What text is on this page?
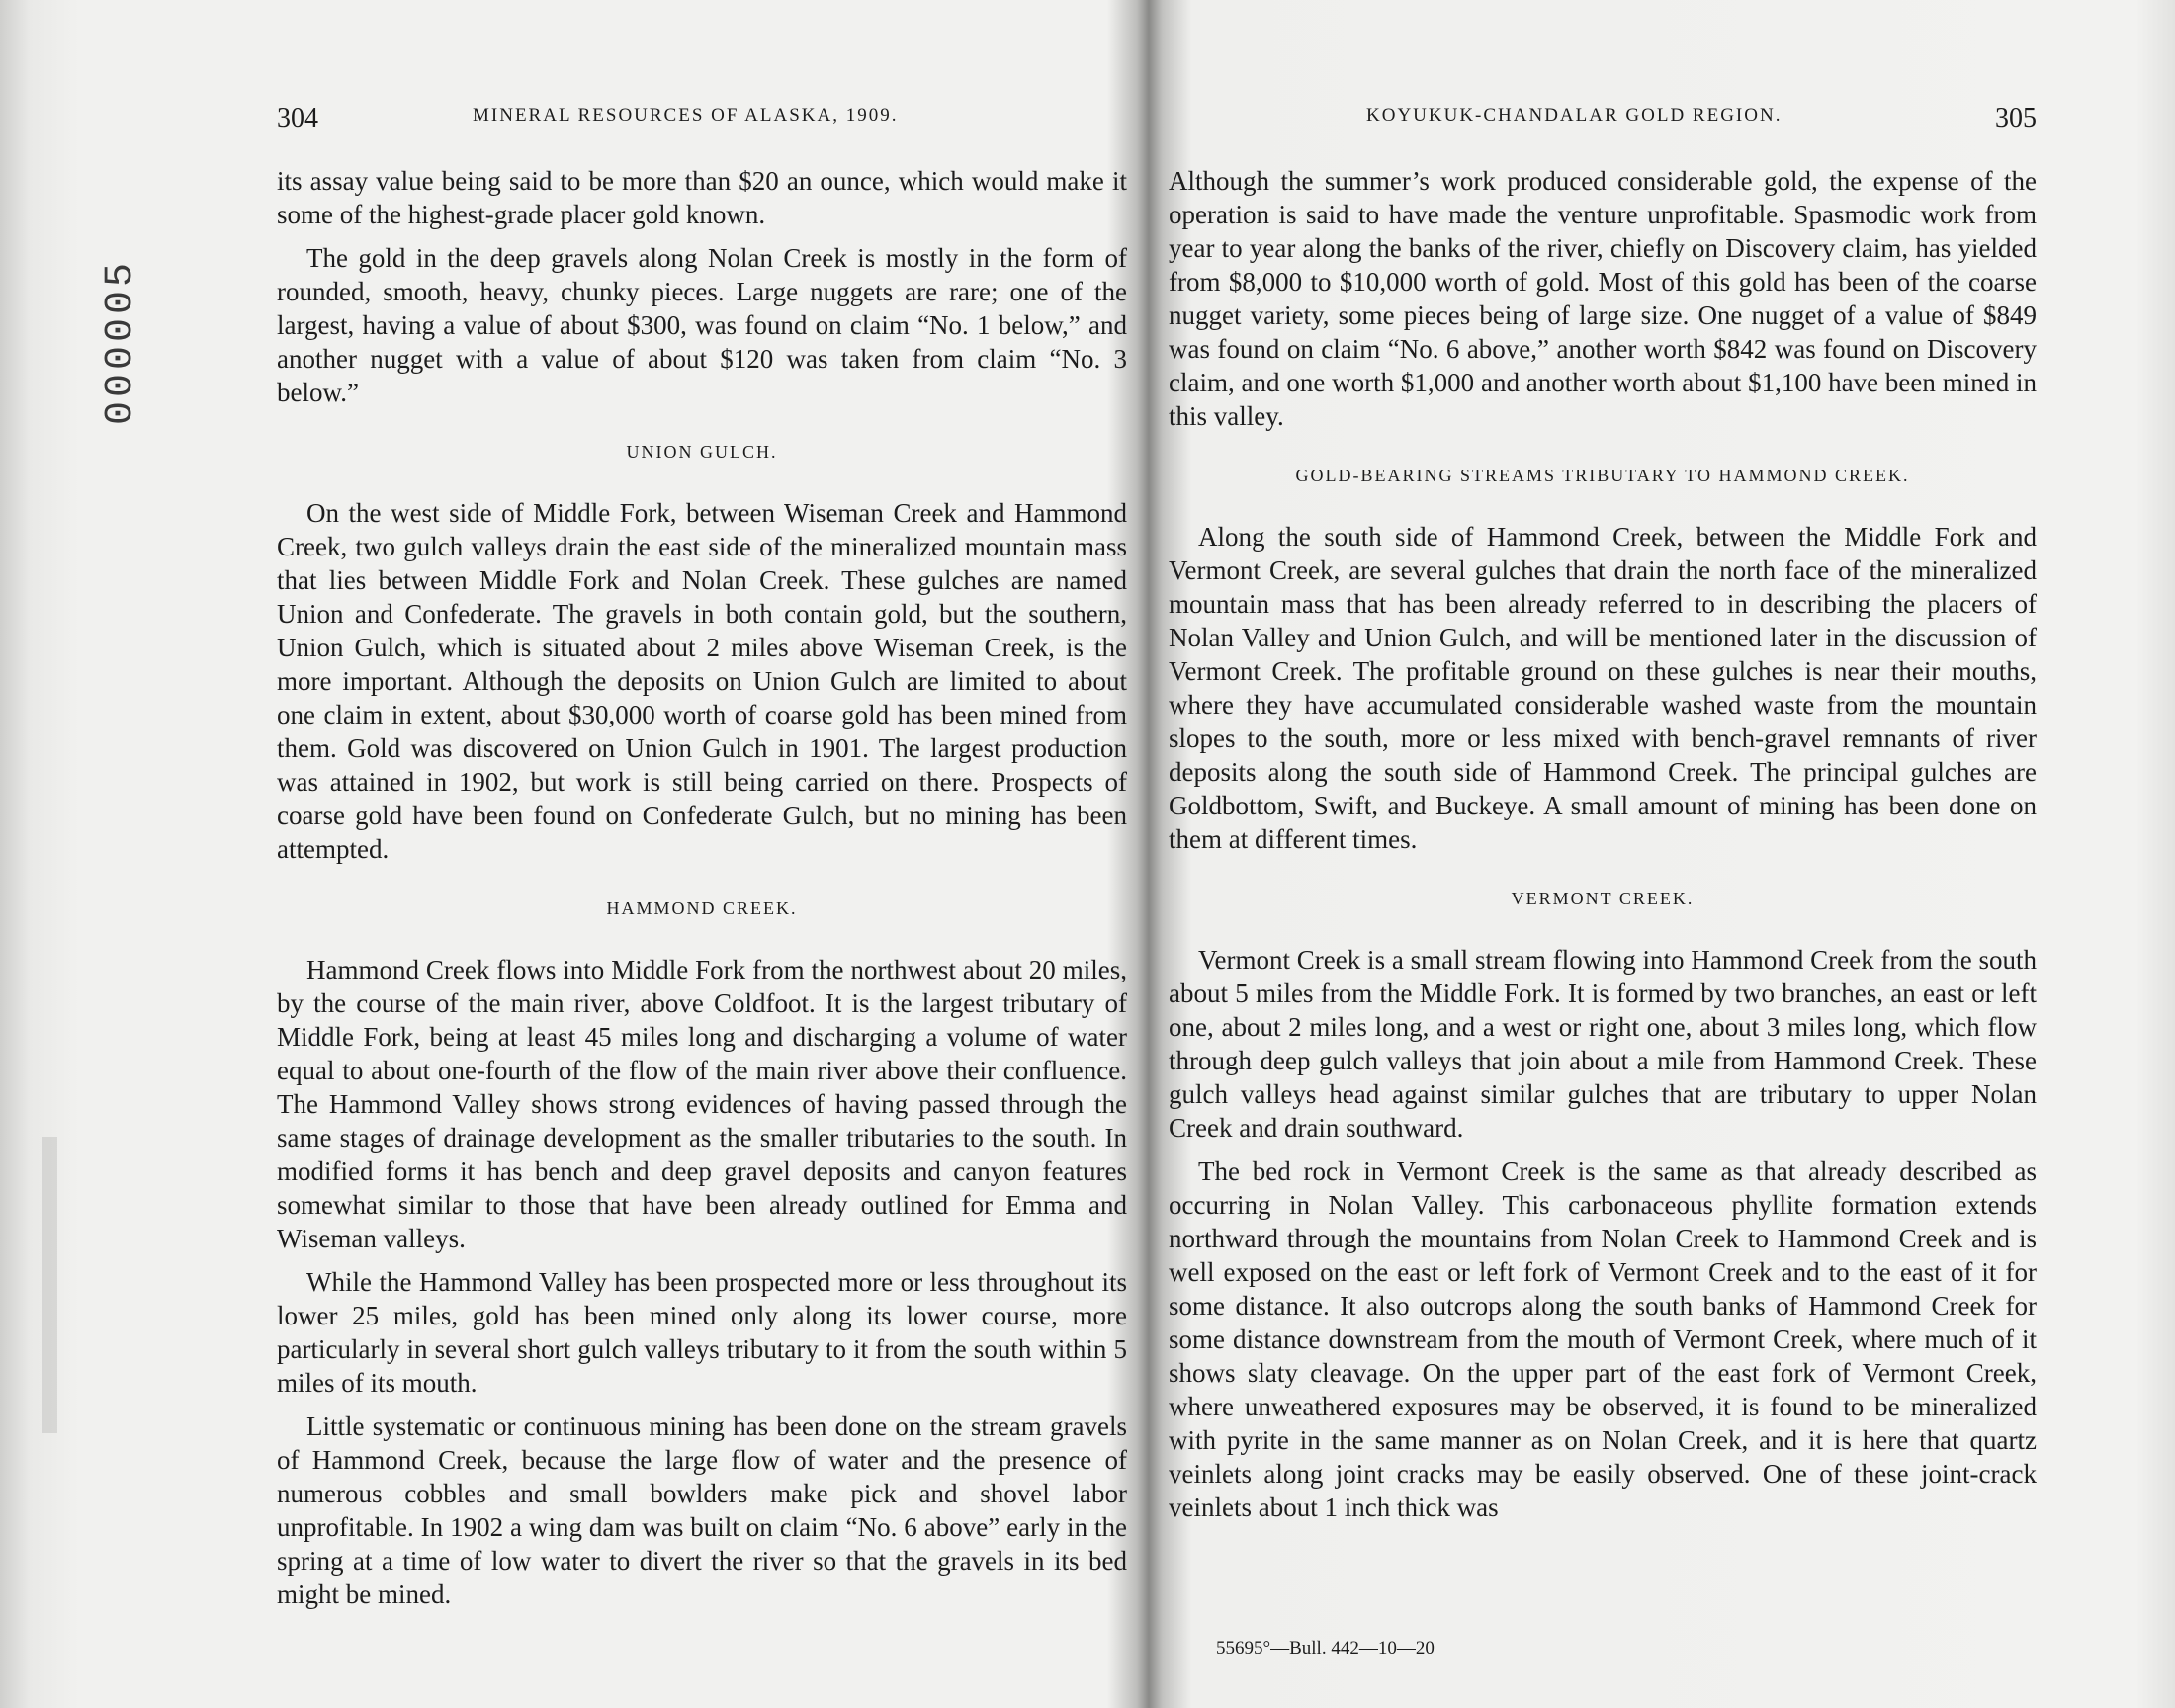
000005
304	MINERAL RESOURCES OF ALASKA, 1909.

its assay value being said to be more than $20 an ounce, which would make it some of the highest-grade placer gold known.

The gold in the deep gravels along Nolan Creek is mostly in the form of rounded, smooth, heavy, chunky pieces. Large nuggets are rare; one of the largest, having a value of about $300, was found on claim “No. 1 below,” and another nugget with a value of about $120 was taken from claim “No. 3 below.”

UNION GULCH.

On the west side of Middle Fork, between Wiseman Creek and Hammond Creek, two gulch valleys drain the east side of the mineralized mountain mass that lies between Middle Fork and Nolan Creek. These gulches are named Union and Confederate. The gravels in both contain gold, but the southern, Union Gulch, which is situated about 2 miles above Wiseman Creek, is the more important. Although the deposits on Union Gulch are limited to about one claim in extent, about $30,000 worth of coarse gold has been mined from them. Gold was discovered on Union Gulch in 1901. The largest production was attained in 1902, but work is still being carried on there. Prospects of coarse gold have been found on Confederate Gulch, but no mining has been attempted.

HAMMOND CREEK.

Hammond Creek flows into Middle Fork from the northwest about 20 miles, by the course of the main river, above Coldfoot. It is the largest tributary of Middle Fork, being at least 45 miles long and discharging a volume of water equal to about one-fourth of the flow of the main river above their confluence. The Hammond Valley shows strong evidences of having passed through the same stages of drainage development as the smaller tributaries to the south. In modified forms it has bench and deep gravel deposits and canyon features somewhat similar to those that have been already outlined for Emma and Wiseman valleys.

While the Hammond Valley has been prospected more or less throughout its lower 25 miles, gold has been mined only along its lower course, more particularly in several short gulch valleys tributary to it from the south within 5 miles of its mouth.

Little systematic or continuous mining has been done on the stream gravels of Hammond Creek, because the large flow of water and the presence of numerous cobbles and small bowlders make pick and shovel labor unprofitable. In 1902 a wing dam was built on claim “No. 6 above” early in the spring at a time of low water to divert the river so that the gravels in its bed might be mined.

KOYUKUK-CHANDALAR GOLD REGION.	305

Although the summer’s work produced considerable gold, the expense of the operation is said to have made the venture unprofitable. Spasmodic work from year to year along the banks of the river, chiefly on Discovery claim, has yielded from $8,000 to $10,000 worth of gold. Most of this gold has been of the coarse nugget variety, some pieces being of large size. One nugget of a value of $849 was found on claim “No. 6 above,” another worth $842 was found on Discovery claim, and one worth $1,000 and another worth about $1,100 have been mined in this valley.

GOLD-BEARING STREAMS TRIBUTARY TO HAMMOND CREEK.

Along the south side of Hammond Creek, between the Middle Fork and Vermont Creek, are several gulches that drain the north face of the mineralized mountain mass that has been already referred to in describing the placers of Nolan Valley and Union Gulch, and will be mentioned later in the discussion of Vermont Creek. The profitable ground on these gulches is near their mouths, where they have accumulated considerable washed waste from the mountain slopes to the south, more or less mixed with bench-gravel remnants of river deposits along the south side of Hammond Creek. The principal gulches are Goldbottom, Swift, and Buckeye. A small amount of mining has been done on them at different times.

VERMONT CREEK.

Vermont Creek is a small stream flowing into Hammond Creek from the south about 5 miles from the Middle Fork. It is formed by two branches, an east or left one, about 2 miles long, and a west or right one, about 3 miles long, which flow through deep gulch valleys that join about a mile from Hammond Creek. These gulch valleys head against similar gulches that are tributary to upper Nolan Creek and drain southward.

The bed rock in Vermont Creek is the same as that already described as occurring in Nolan Valley. This carbonaceous phyllite formation extends northward through the mountains from Nolan Creek to Hammond Creek and is well exposed on the east or left fork of Vermont Creek and to the east of it for some distance. It also outcrops along the south banks of Hammond Creek for some distance downstream from the mouth of Vermont Creek, where much of it shows slaty cleavage. On the upper part of the east fork of Vermont Creek, where unweathered exposures may be observed, it is found to be mineralized with pyrite in the same manner as on Nolan Creek, and it is here that quartz veinlets along joint cracks may be easily observed. One of these joint-crack veinlets about 1 inch thick was

55695°—Bull. 442—10—20
